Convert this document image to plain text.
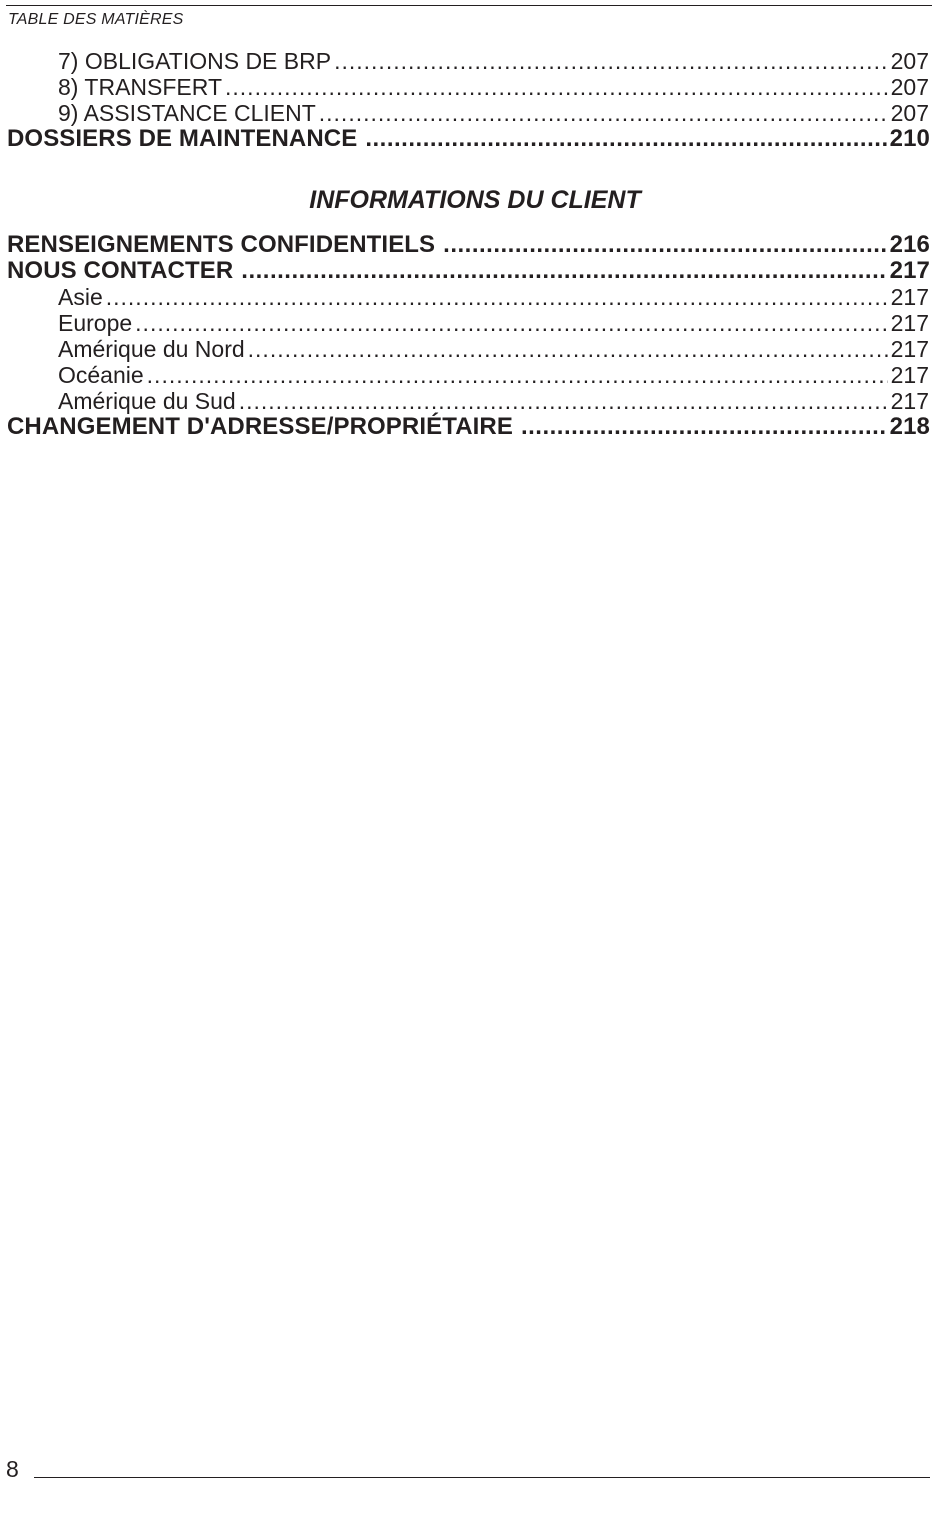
TABLE DES MATIÈRES
7) OBLIGATIONS DE BRP .....	207
8) TRANSFERT .....	207
9) ASSISTANCE CLIENT .....	207
DOSSIERS DE MAINTENANCE .....	210
INFORMATIONS DU CLIENT
RENSEIGNEMENTS CONFIDENTIELS .....	216
NOUS CONTACTER .....	217
Asie .....	217
Europe .....	217
Amérique du Nord .....	217
Océanie .....	217
Amérique du Sud .....	217
CHANGEMENT D'ADRESSE/PROPRIÉTAIRE .....	218
8
